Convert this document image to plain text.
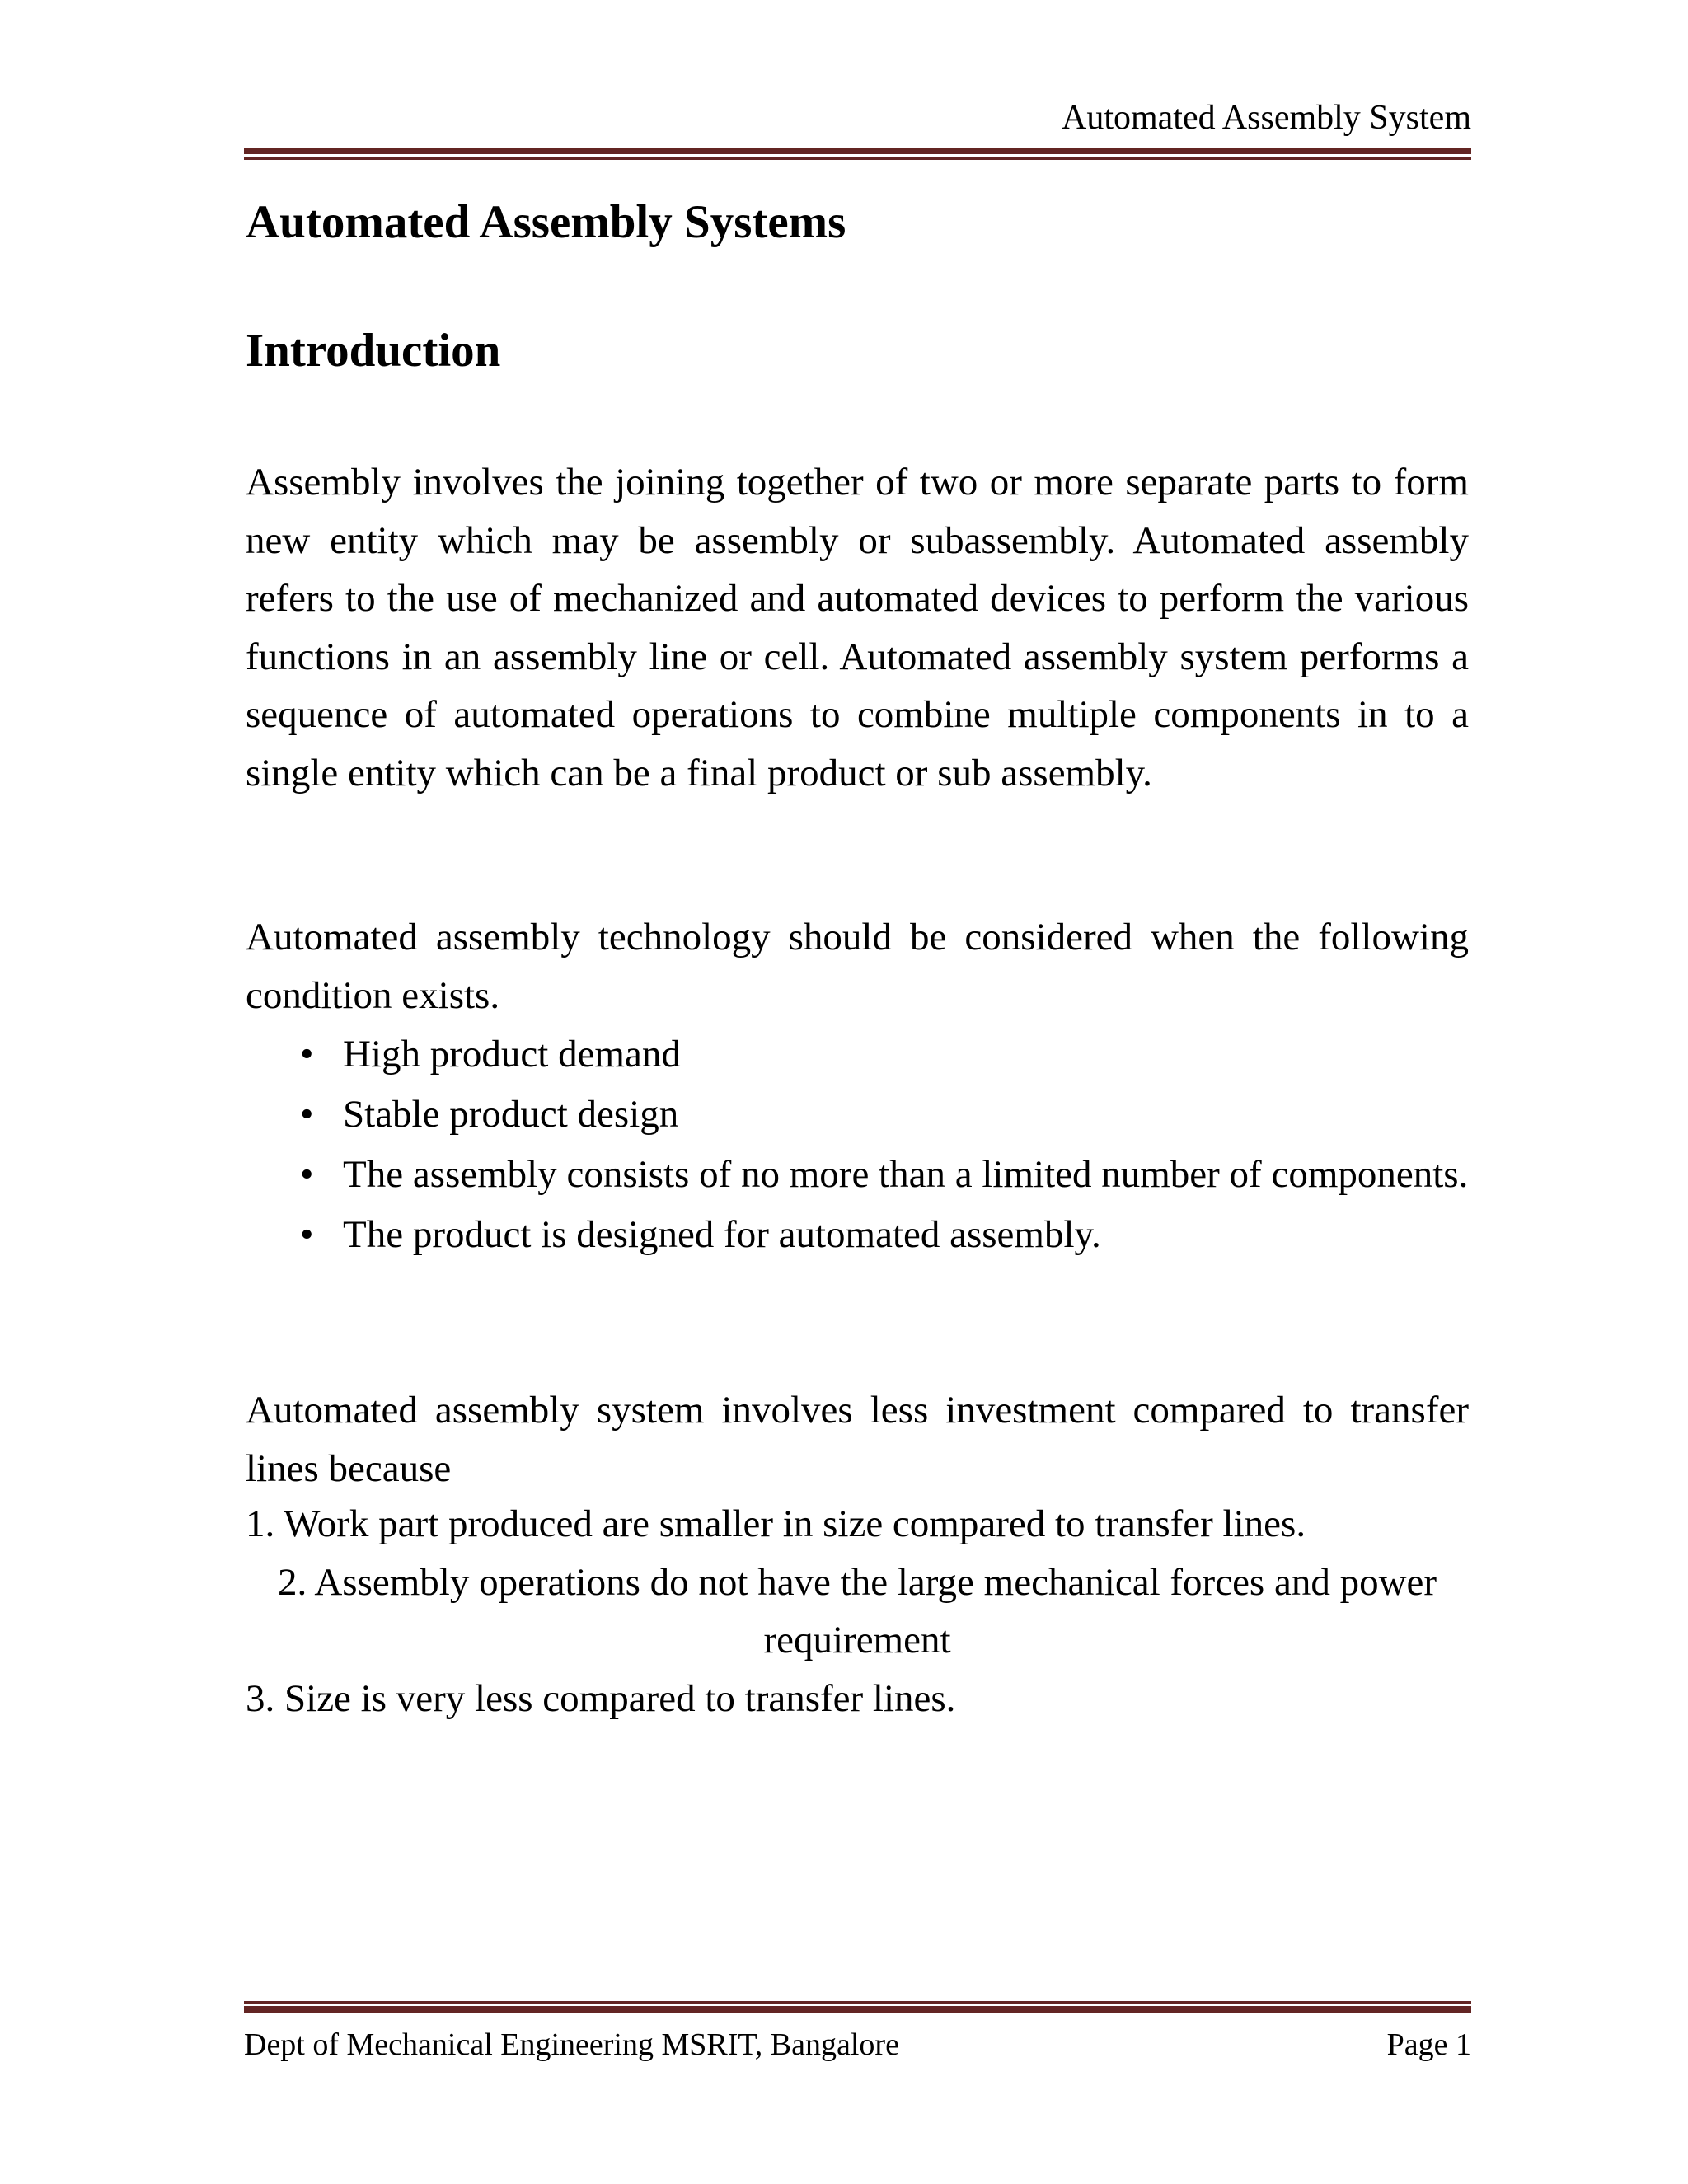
Automated Assembly System
Automated Assembly Systems
Introduction

Assembly involves the joining together of two or more separate parts to form new entity which may be assembly or subassembly. Automated assembly refers to the use of mechanized and automated devices to perform the various functions in an assembly line or cell. Automated assembly system performs a sequence of automated operations to combine multiple components in to a single entity which can be a final product or sub assembly.

Automated assembly technology should be considered when the following condition exists.

• High product demand
• Stable product design
• The assembly consists of no more than a limited number of components.
• The product is designed for automated assembly.

Automated assembly system involves less investment compared to transfer lines because

1. Work part produced are smaller in size compared to transfer lines.
2. Assembly operations do not have the large mechanical forces and power requirement
3. Size is very less compared to transfer lines.
Dept of Mechanical Engineering MSRIT, Bangalore	Page 1
